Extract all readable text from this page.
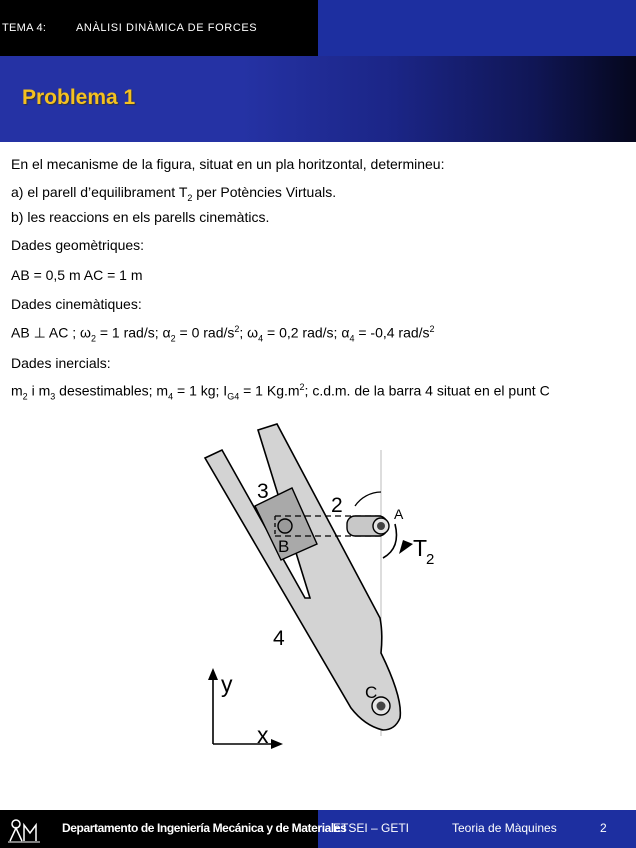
TEMA 4:	ANÀLISI DINÀMICA DE FORCES
Problema 1
En el mecanisme de la figura, situat en un pla horitzontal, determineu:
a) el parell d’equilibrament $T_2$ per Potències Virtuals.
b) les reaccions en els parells cinemàtics.
Dades geomètriques:
AB = 0,5 m AC = 1 m
Dades cinemàtiques:
AB ⊥ AC ; $\omega_2 = 1$ rad/s; $\alpha_2 = 0$ rad/$s^2$; $\omega_4 = 0,2$ rad/s; $\alpha_4 = -0,4$ rad/$s^2$
Dades inercials:
$m_2$ i $m_3$ desestimables; $m_4 = 1$ kg; $I_{G4} = 1$ $Kg.m^2$; c.d.m. de la barra 4 situat en el punt C
3
2	A
B	T
2
4
C
y
x
Departamento de Ingeniería Mecánica y de Materiales
ETSEI – GETI	Teoria de Màquines	2
